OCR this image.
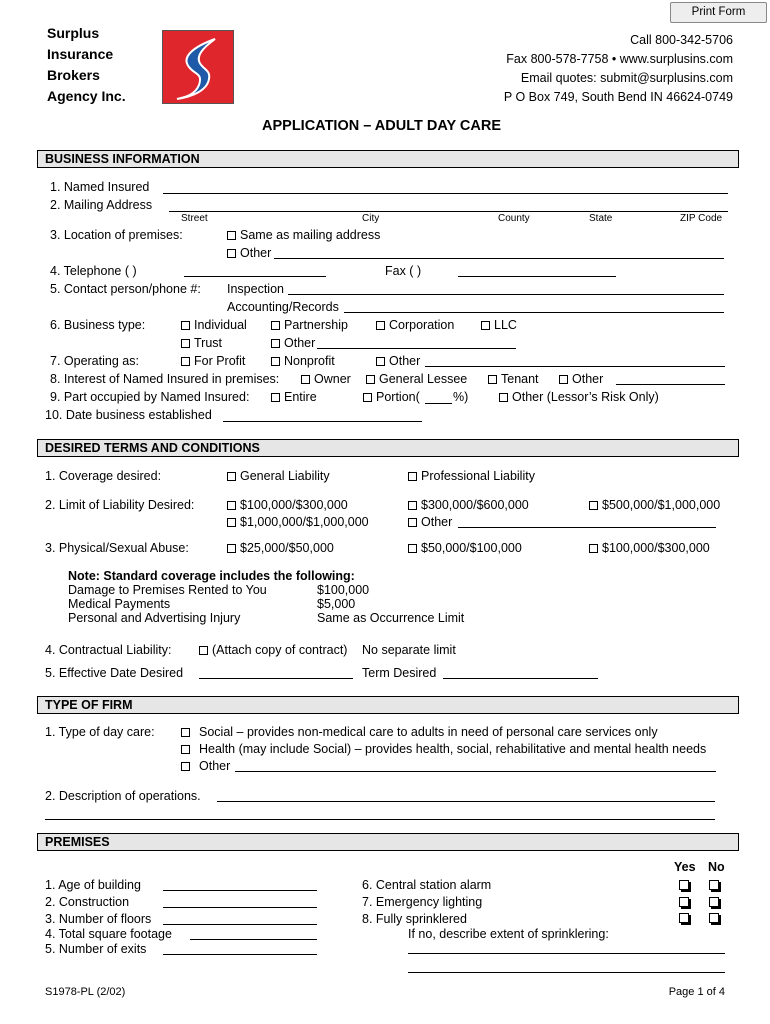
Print Form
Surplus
Insurance
Brokers
Agency Inc.
Call 800-342-5706
Fax 800-578-7758 • www.surplusins.com
Email quotes: submit@surplusins.com
P O Box 749, South Bend IN 46624-0749
APPLICATION – ADULT DAY CARE
BUSINESS INFORMATION
1. Named Insured
2. Mailing Address
Street	City	County	State	ZIP Code
3. Location of premises:	Same as mailing address
Other
4. Telephone ( )	Fax ( )
5. Contact person/phone #: Inspection
Accounting/Records
6. Business type:	Individual	Partnership	Corporation	LLC
Trust	Other
7. Operating as:	For Profit	Nonprofit	Other
8. Interest of Named Insured in premises:	Owner	General Lessee	Tenant	Other
9. Part occupied by Named Insured:	Entire	Portion(	%)	Other (Lessor’s Risk Only)
10. Date business established
DESIRED TERMS AND CONDITIONS
1. Coverage desired:	General Liability	Professional Liability
2. Limit of Liability Desired:	$100,000/$300,000	$300,000/$600,000	$500,000/$1,000,000
$1,000,000/$1,000,000	Other
3. Physical/Sexual Abuse:	$25,000/$50,000	$50,000/$100,000	$100,000/$300,000
Note: Standard coverage includes the following:
Damage to Premises Rented to You	$100,000
Medical Payments	$5,000
Personal and Advertising Injury	Same as Occurrence Limit
4. Contractual Liability:	(Attach copy of contract) No separate limit
5. Effective Date Desired	Term Desired
TYPE OF FIRM
1. Type of day care:	Social – provides non-medical care to adults in need of personal care services only
Health (may include Social) – provides health, social, rehabilitative and mental health needs
Other
2. Description of operations.
PREMISES
Yes No
1. Age of building
2. Construction
3. Number of floors
4. Total square footage
5. Number of exits
6. Central station alarm
7. Emergency lighting
8. Fully sprinklered
If no, describe extent of sprinklering:
S1978-PL (2/02)	Page 1 of 4
